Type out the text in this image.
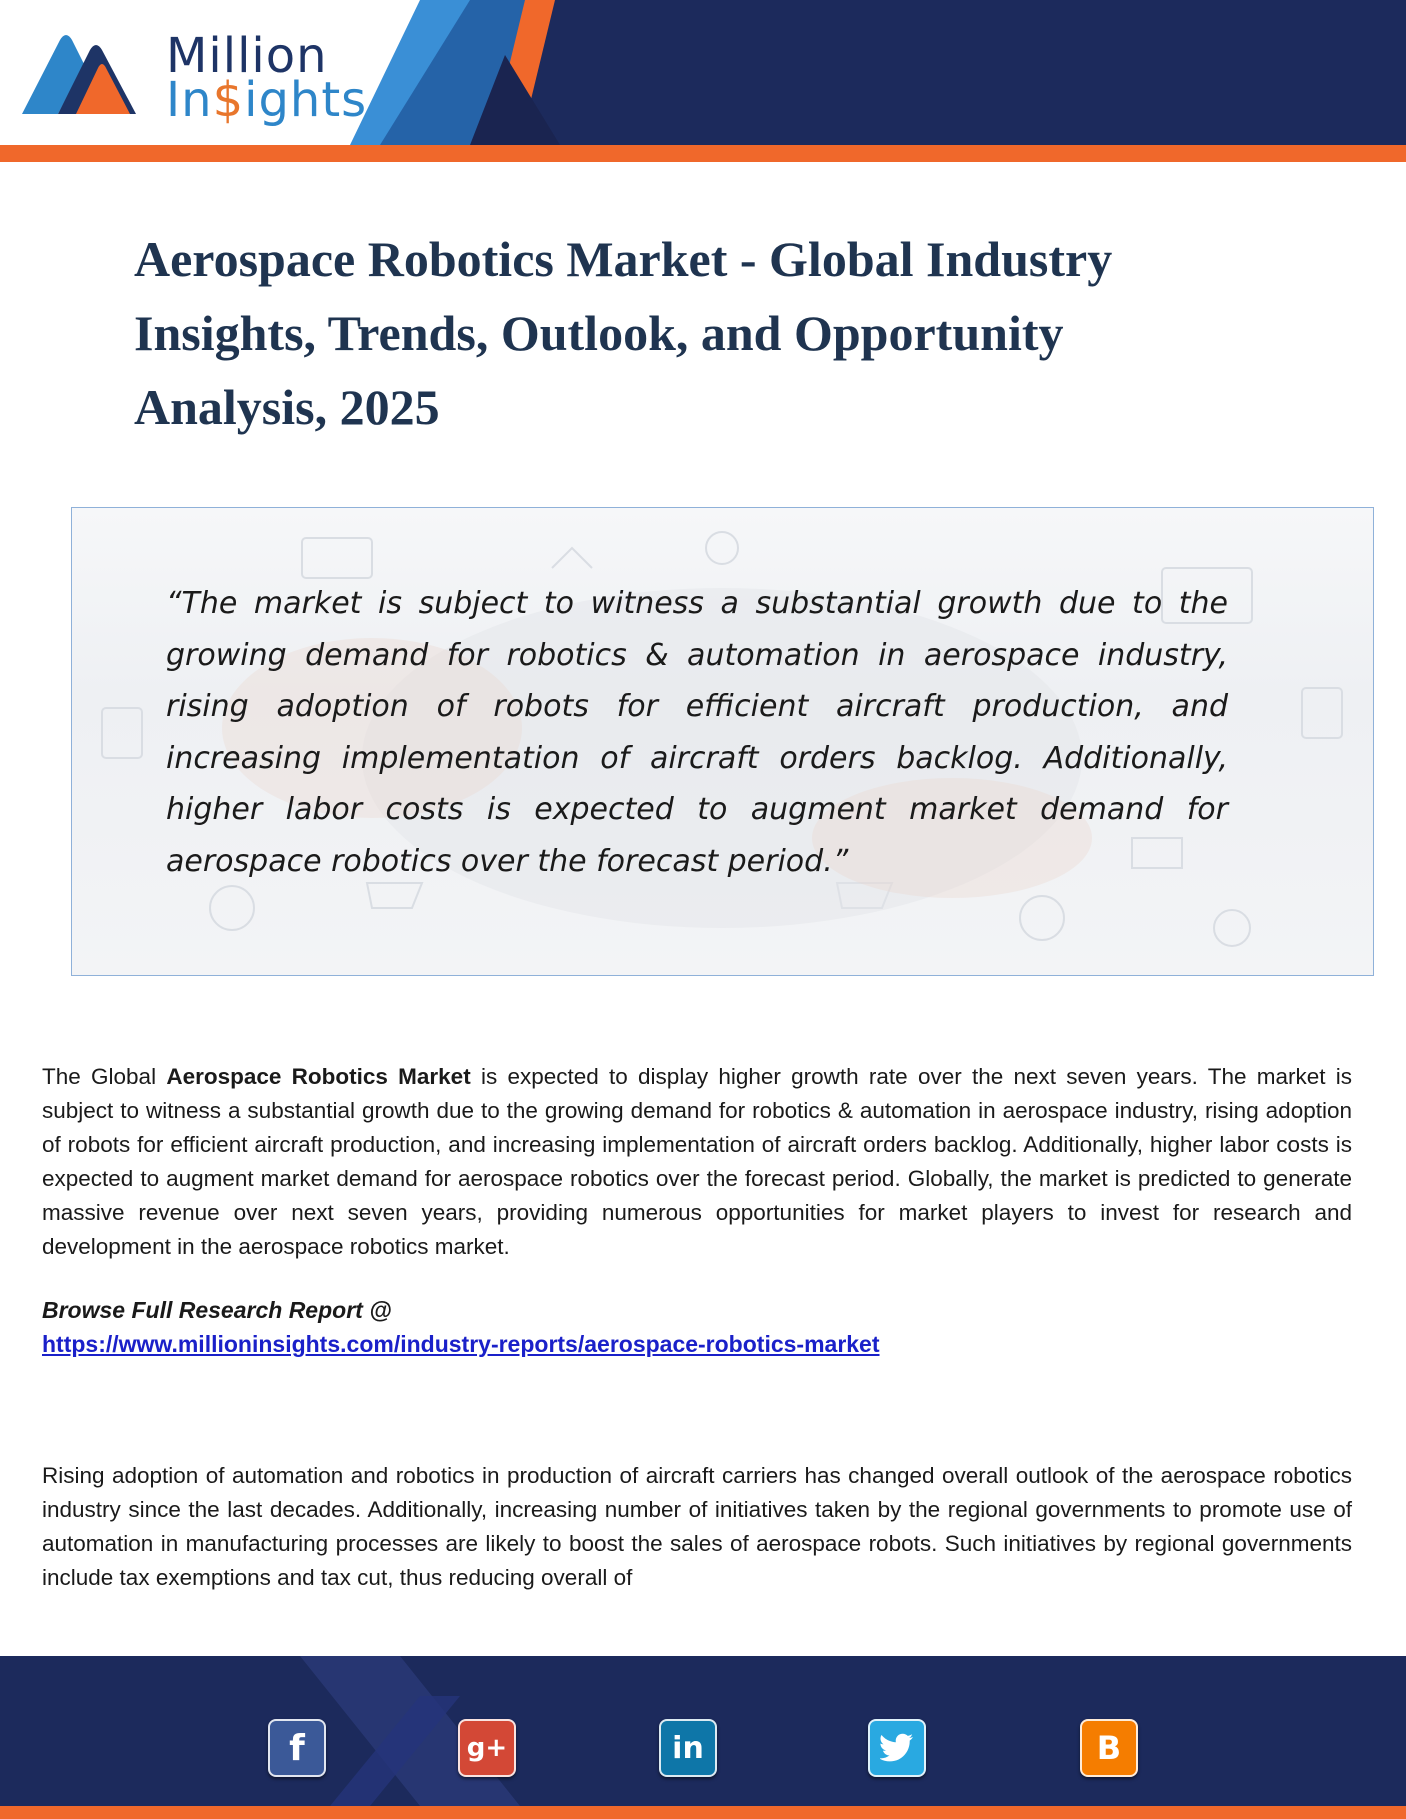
Million
In$ights
Aerospace Robotics Market - Global Industry Insights, Trends, Outlook, and Opportunity Analysis, 2025

“The market is subject to witness a substantial growth due to the growing demand for robotics & automation in aerospace industry, rising adoption of robots for efficient aircraft production, and increasing implementation of aircraft orders backlog. Additionally, higher labor costs is expected to augment market demand for aerospace robotics over the forecast period.”

The Global Aerospace Robotics Market is expected to display higher growth rate over the next seven years. The market is subject to witness a substantial growth due to the growing demand for robotics & automation in aerospace industry, rising adoption of robots for efficient aircraft production, and increasing implementation of aircraft orders backlog. Additionally, higher labor costs is expected to augment market demand for aerospace robotics over the forecast period. Globally, the market is predicted to generate massive revenue over next seven years, providing numerous opportunities for market players to invest for research and development in the aerospace robotics market.

Browse Full Research Report @

https://www.millioninsights.com/industry-reports/aerospace-robotics-market

Rising adoption of automation and robotics in production of aircraft carriers has changed overall outlook of the aerospace robotics industry since the last decades. Additionally, increasing number of initiatives taken by the regional governments to promote use of automation in manufacturing processes are likely to boost the sales of aerospace robots. Such initiatives by regional governments include tax exemptions and tax cut, thus reducing overall of

f	g+	in	B
